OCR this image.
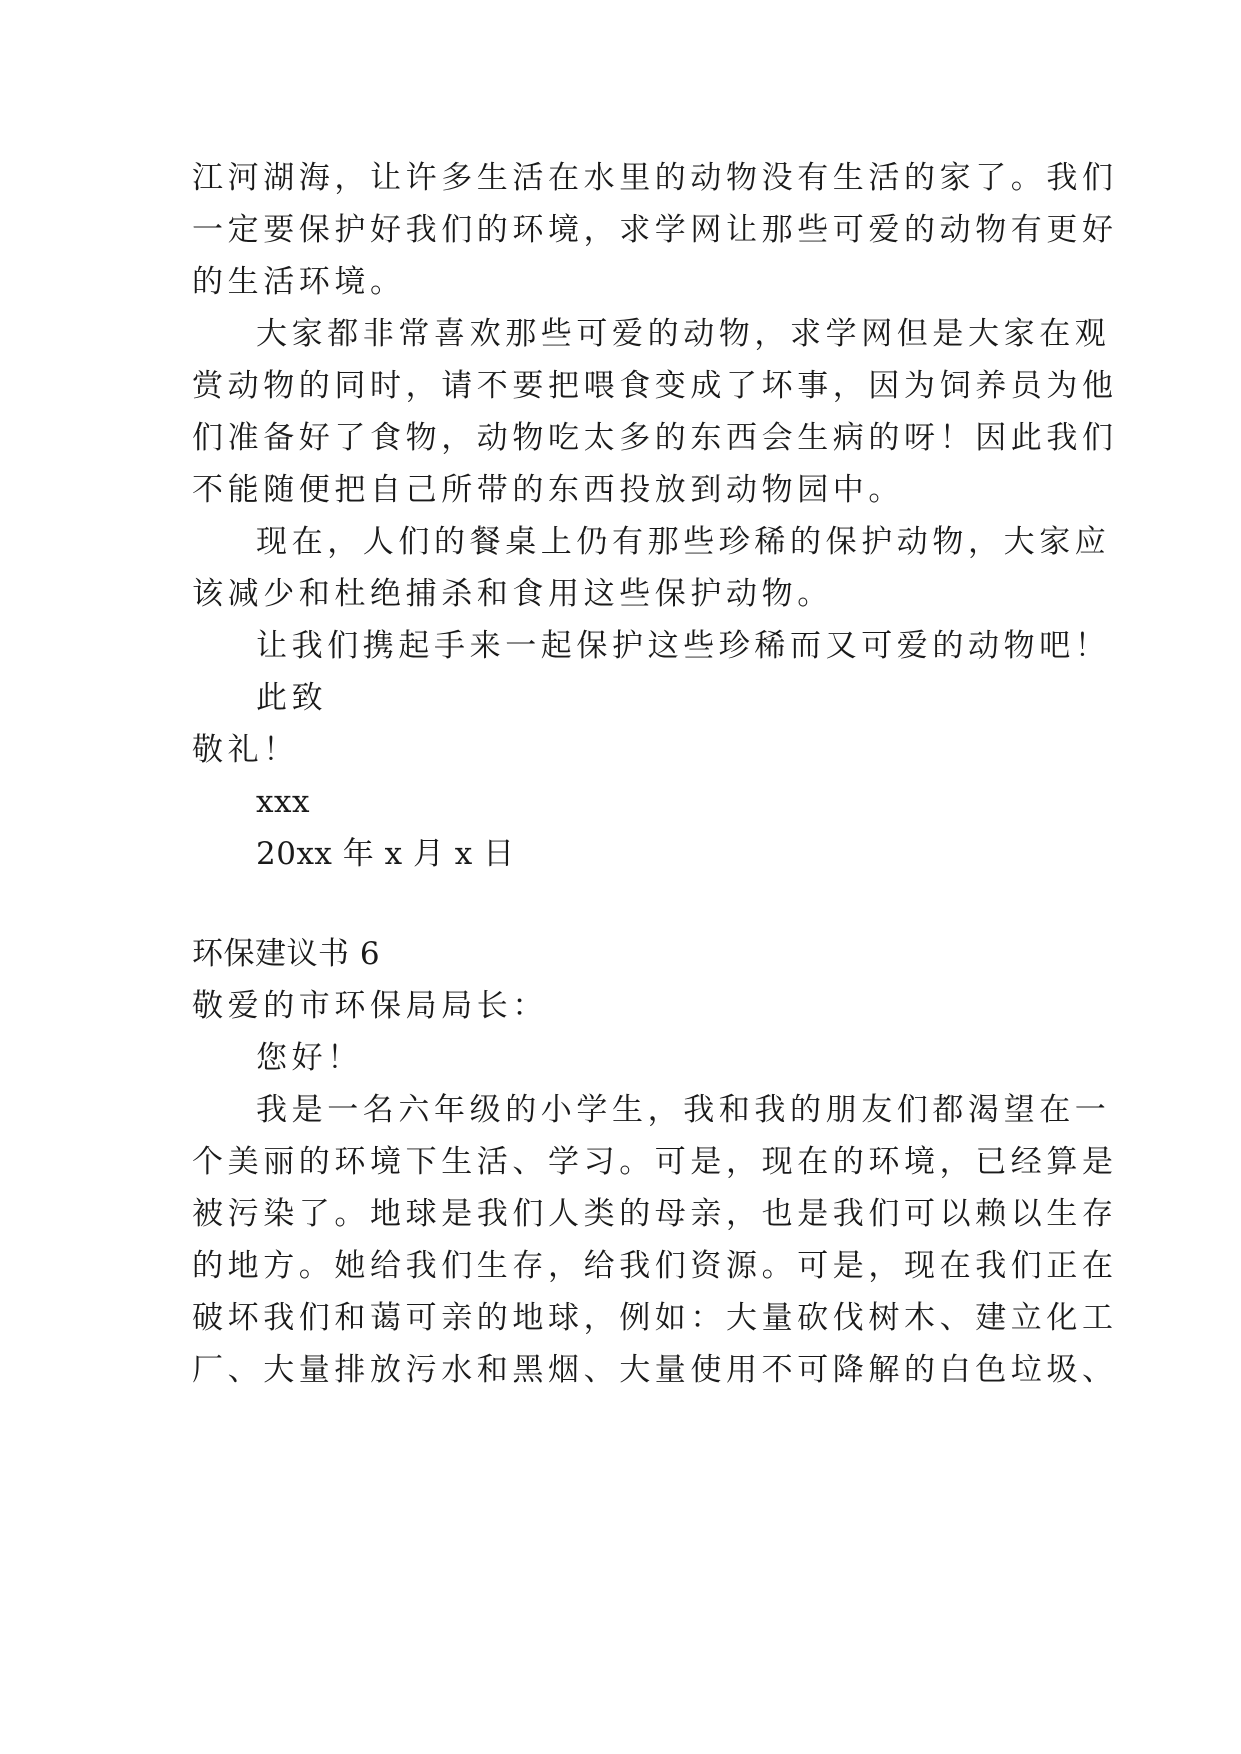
江河湖海，让许多生活在水里的动物没有生活的家了。我们
一定要保护好我们的环境，求学网让那些可爱的动物有更好
的生活环境。
大家都非常喜欢那些可爱的动物，求学网但是大家在观
赏动物的同时，请不要把喂食变成了坏事，因为饲养员为他
们准备好了食物，动物吃太多的东西会生病的呀！因此我们
不能随便把自己所带的东西投放到动物园中。
现在，人们的餐桌上仍有那些珍稀的保护动物，大家应
该减少和杜绝捕杀和食用这些保护动物。
让我们携起手来一起保护这些珍稀而又可爱的动物吧！
此致
敬礼！
xxx
20xx 年 x 月 x 日
环保建议书 6
敬爱的市环保局局长：
您好！
我是一名六年级的小学生，我和我的朋友们都渴望在一
个美丽的环境下生活、学习。可是，现在的环境，已经算是
被污染了。地球是我们人类的母亲，也是我们可以赖以生存
的地方。她给我们生存，给我们资源。可是，现在我们正在
破坏我们和蔼可亲的地球，例如：大量砍伐树木、建立化工
厂、大量排放污水和黑烟、大量使用不可降解的白色垃圾、
